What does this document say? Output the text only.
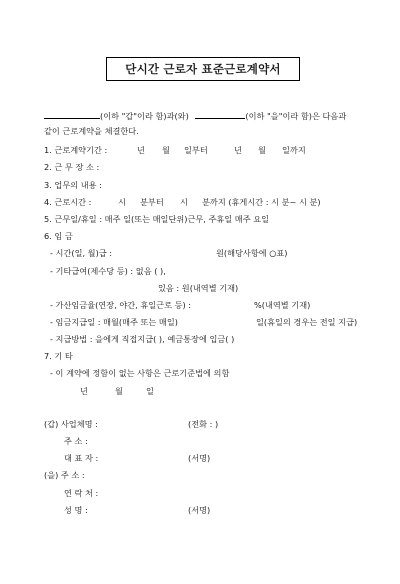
단시간 근로자 표준근로계약서
(이하 "갑"이라 함)과(와)	(이하 "을"이라 함)은 다음과
같이 근로계약을 체결한다.
1. 근로계약기간 :	년 월 일부터	년 월 일까지
2. 근 무 장 소 :
3. 업무의 내용 :
4. 근로시간 :	시 분부터 시 분까지 (휴게시간 : 시 분~ 시 분)
5. 근무일/휴일 : 매주 일(또는 매일단위)근무, 주휴일 매주 요일
6. 임 금
- 시간(일, 월)급 :	원(해당사항에 ○표)
- 기타급여(제수당 등) : 없음 ( ),
있음 : 원(내역별 기재)
- 가산임금율(연장, 야간, 휴일근로 등) :	%(내역별 기재)
- 임금지급일 : 매월(매주 또는 매일)	일(휴일의 경우는 전일 지급)
- 지급방법 : 을에게 직접지급( ), 예금통장에 입금( )
7. 기 타
- 이 계약에 정함이 없는 사항은 근로기준법에 의함
년	월	일
(갑) 사업체명 :	(전화 : )
주 소 :
대 표 자 :	(서명)
(을) 주 소 :
연 락 처 :
성 명 :	(서명)
